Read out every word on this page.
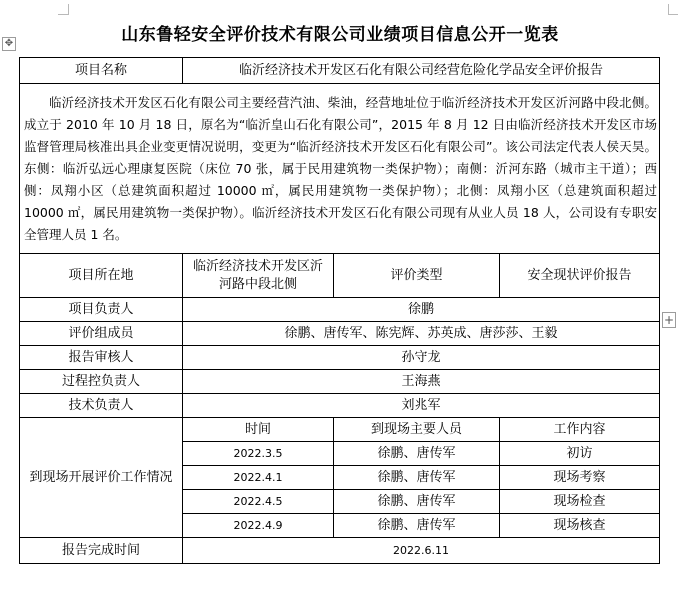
✥
+
山东鲁轻安全评价技术有限公司业绩项目信息公开一览表
项目名称	临沂经济技术开发区石化有限公司经营危险化学品安全评价报告		

临沂经济技术开发区石化有限公司主要经营汽油、柴油，经营地址位于临沂经济技术开发区沂河路中段北侧。成立于 2010 年 10 月 18 日，原名为“临沂皇山石化有限公司”，2015 年 8 月 12 日由临沂经济技术开发区市场监督管理局核准出具企业变更情况说明，变更为“临沂经济技术开发区石化有限公司”。该公司法定代表人侯天昊。东侧：临沂弘远心理康复医院（床位 70 张，属于民用建筑物一类保护物）；南侧：沂河东路（城市主干道）；西侧：凤翔小区（总建筑面积超过 10000 ㎡，属民用建筑物一类保护物）；北侧：凤翔小区（总建筑面积超过 10000 ㎡，属民用建筑物一类保护物）。临沂经济技术开发区石化有限公司现有从业人员 18 人，公司设有专职安全管理人员 1 名。			

项目所在地	临沂经济技术开发区沂河路中段北侧	评价类型	安全现状评价报告
项目负责人	徐鹏		
评价组成员	徐鹏、唐传军、陈宪辉、苏英成、唐莎莎、王毅		
报告审核人	孙守龙		
过程控负责人	王海燕		
技术负责人	刘兆军		
到现场开展评价工作情况	时间	到现场主要人员	工作内容
	2022.3.5	徐鹏、唐传军	初访
	2022.4.1	徐鹏、唐传军	现场考察
	2022.4.5	徐鹏、唐传军	现场检查
	2022.4.9	徐鹏、唐传军	现场核查
报告完成时间	2022.6.11		
